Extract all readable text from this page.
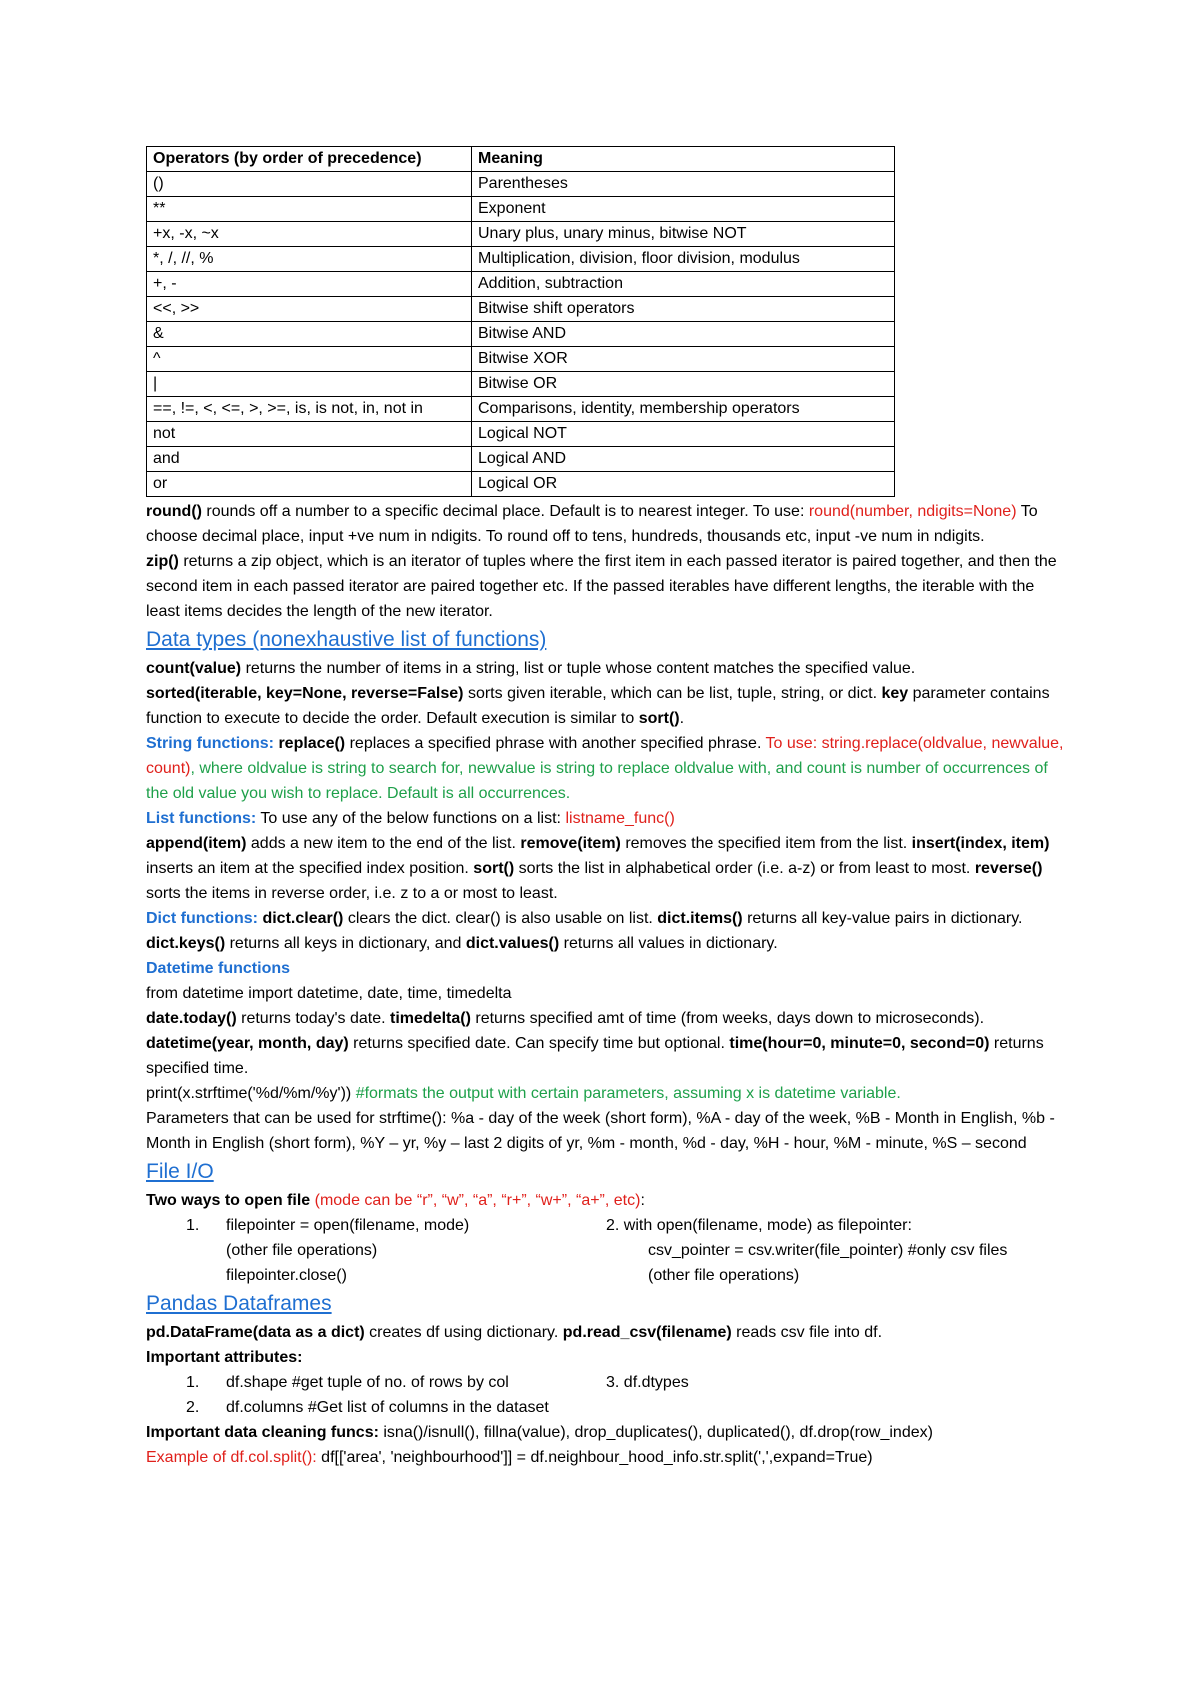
Operators (by order of precedence)	Meaning
()	Parentheses
**	Exponent
+x, -x, ~x	Unary plus, unary minus, bitwise NOT
*, /, //, %	Multiplication, division, floor division, modulus
+, -	Addition, subtraction
<<, >>	Bitwise shift operators
&	Bitwise AND
^	Bitwise XOR
|	Bitwise OR
==, !=, <, <=, >, >=, is, is not, in, not in	Comparisons, identity, membership operators
not	Logical NOT
and	Logical AND
or	Logical OR

round() rounds off a number to a specific decimal place. Default is to nearest integer. To use: round(number, ndigits=None) To choose decimal place, input +ve num in ndigits. To round off to tens, hundreds, thousands etc, input -ve num in ndigits.

zip() returns a zip object, which is an iterator of tuples where the first item in each passed iterator is paired together, and then the second item in each passed iterator are paired together etc. If the passed iterables have different lengths, the iterable with the least items decides the length of the new iterator.

Data types (nonexhaustive list of functions)

count(value) returns the number of items in a string, list or tuple whose content matches the specified value.

sorted(iterable, key=None, reverse=False) sorts given iterable, which can be list, tuple, string, or dict. key parameter contains function to execute to decide the order. Default execution is similar to sort().

String functions: replace() replaces a specified phrase with another specified phrase. To use: string.replace(oldvalue, newvalue, count), where oldvalue is string to search for, newvalue is string to replace oldvalue with, and count is number of occurrences of the old value you wish to replace. Default is all occurrences.

List functions: To use any of the below functions on a list: listname_func()

append(item) adds a new item to the end of the list. remove(item) removes the specified item from the list. insert(index, item) inserts an item at the specified index position. sort() sorts the list in alphabetical order (i.e. a-z) or from least to most. reverse() sorts the items in reverse order, i.e. z to a or most to least.

Dict functions: dict.clear() clears the dict. clear() is also usable on list. dict.items() returns all key-value pairs in dictionary. dict.keys() returns all keys in dictionary, and dict.values() returns all values in dictionary.

Datetime functions

from datetime import datetime, date, time, timedelta

date.today() returns today's date. timedelta() returns specified amt of time (from weeks, days down to microseconds). datetime(year, month, day) returns specified date. Can specify time but optional. time(hour=0, minute=0, second=0) returns specified time.

print(x.strftime('%d/%m/%y')) #formats the output with certain parameters, assuming x is datetime variable.

Parameters that can be used for strftime(): %a - day of the week (short form), %A - day of the week, %B - Month in English, %b - Month in English (short form), %Y – yr, %y – last 2 digits of yr, %m - month, %d - day, %H - hour, %M - minute, %S – second

File I/O

Two ways to open file (mode can be “r”, “w”, “a”, “r+”, “w+”, “a+”, etc):

1.	filepointer = open(filename, mode)	2. with open(filename, mode) as filepointer:
(other file operations)	csv_pointer = csv.writer(file_pointer) #only csv files
filepointer.close()	(other file operations)
Pandas Dataframes

pd.DataFrame(data as a dict) creates df using dictionary. pd.read_csv(filename) reads csv file into df.

Important attributes:

1.	df.shape #get tuple of no. of rows by col	3. df.dtypes
2.	df.columns #Get list of columns in the dataset

Important data cleaning funcs: isna()/isnull(), fillna(value), drop_duplicates(), duplicated(), df.drop(row_index)

Example of df.col.split(): df[['area', 'neighbourhood']] = df.neighbour_hood_info.str.split(',',expand=True)
